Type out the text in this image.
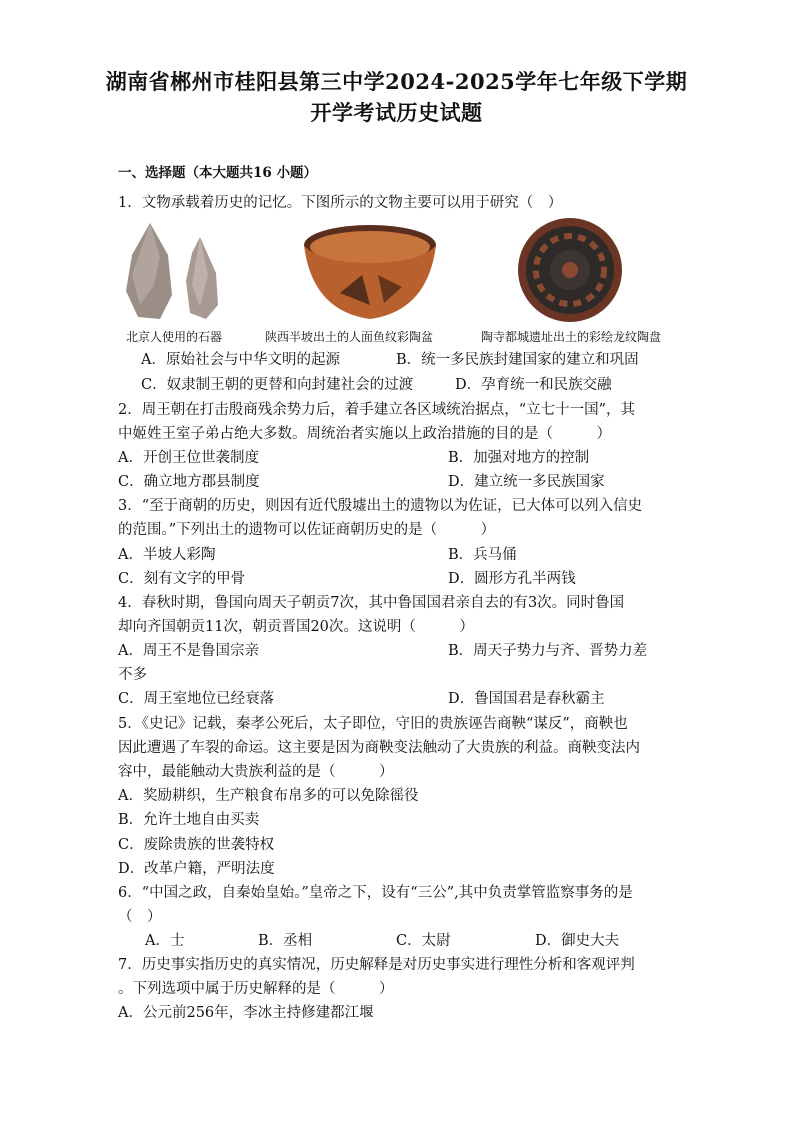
湖南省郴州市桂阳县第三中学2024-2025学年七年级下学期
开学考试历史试题
一、选择题（本大题共16 小题）
1．文物承载着历史的记忆。下图所示的文物主要可以用于研究（　）
北京人使用的石器	陕西半坡出土的人面鱼纹彩陶盆	陶寺都城遗址出土的彩绘龙纹陶盘
A．原始社会与中华文明的起源	B．统一多民族封建国家的建立和巩固
C．奴隶制王朝的更替和向封建社会的过渡	D．孕育统一和民族交融
2．周王朝在打击殷商残余势力后，着手建立各区域统治据点，“立七十一国”，其
中姬姓王室子弟占绝大多数。周统治者实施以上政治措施的目的是（　　　）
A．开创王位世袭制度	B．加强对地方的控制
C．确立地方郡县制度	D．建立统一多民族国家
3．“至于商朝的历史，则因有近代殷墟出土的遗物以为佐证，已大体可以列入信史
的范围。”下列出土的遗物可以佐证商朝历史的是（　　　）
A．半坡人彩陶	B．兵马俑
C．刻有文字的甲骨	D．圆形方孔半两钱
4．春秋时期，鲁国向周天子朝贡7次，其中鲁国国君亲自去的有3次。同时鲁国
却向齐国朝贡11次，朝贡晋国20次。这说明（　　　）
A．周王不是鲁国宗亲	B．周天子势力与齐、晋势力差
不多
C．周王室地位已经衰落	D．鲁国国君是春秋霸主
5．《史记》记载，秦孝公死后，太子即位，守旧的贵族诬告商鞅“谋反”，商鞅也
因此遭遇了车裂的命运。这主要是因为商鞅变法触动了大贵族的利益。商鞅变法内
容中，最能触动大贵族利益的是（　　　）
A．奖励耕织，生产粮食布帛多的可以免除徭役
B．允许土地自由买卖
C．废除贵族的世袭特权
D．改革户籍，严明法度
6．“中国之政，自秦始皇始。”皇帝之下，设有“三公”,其中负责掌管监察事务的是
（　）
A．士	B．丞相	C．太尉	D．御史大夫
7．历史事实指历史的真实情况，历史解释是对历史事实进行理性分析和客观评判
。下列选项中属于历史解释的是（　　　）
A．公元前256年，李冰主持修建都江堰
